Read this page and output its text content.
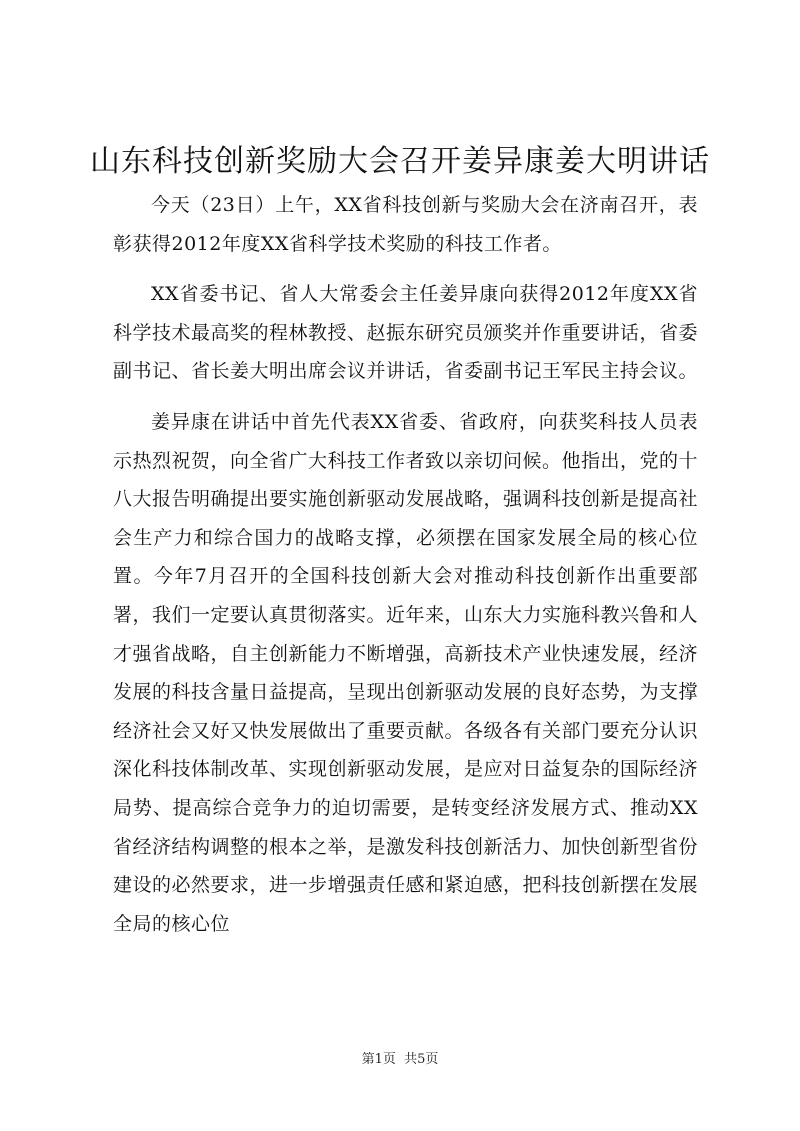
山东科技创新奖励大会召开姜异康姜大明讲话

今天（23日）上午，XX省科技创新与奖励大会在济南召开，表彰获得2012年度XX省科学技术奖励的科技工作者。

XX省委书记、省人大常委会主任姜异康向获得2012年度XX省科学技术最高奖的程林教授、赵振东研究员颁奖并作重要讲话，省委副书记、省长姜大明出席会议并讲话，省委副书记王军民主持会议。

姜异康在讲话中首先代表XX省委、省政府，向获奖科技人员表示热烈祝贺，向全省广大科技工作者致以亲切问候。他指出，党的十八大报告明确提出要实施创新驱动发展战略，强调科技创新是提高社会生产力和综合国力的战略支撑，必须摆在国家发展全局的核心位置。今年7月召开的全国科技创新大会对推动科技创新作出重要部署，我们一定要认真贯彻落实。近年来，山东大力实施科教兴鲁和人才强省战略，自主创新能力不断增强，高新技术产业快速发展，经济发展的科技含量日益提高，呈现出创新驱动发展的良好态势，为支撑经济社会又好又快发展做出了重要贡献。各级各有关部门要充分认识深化科技体制改革、实现创新驱动发展，是应对日益复杂的国际经济局势、提高综合竞争力的迫切需要，是转变经济发展方式、推动XX省经济结构调整的根本之举，是激发科技创新活力、加快创新型省份建设的必然要求，进一步增强责任感和紧迫感，把科技创新摆在发展全局的核心位

第1页 共5页
